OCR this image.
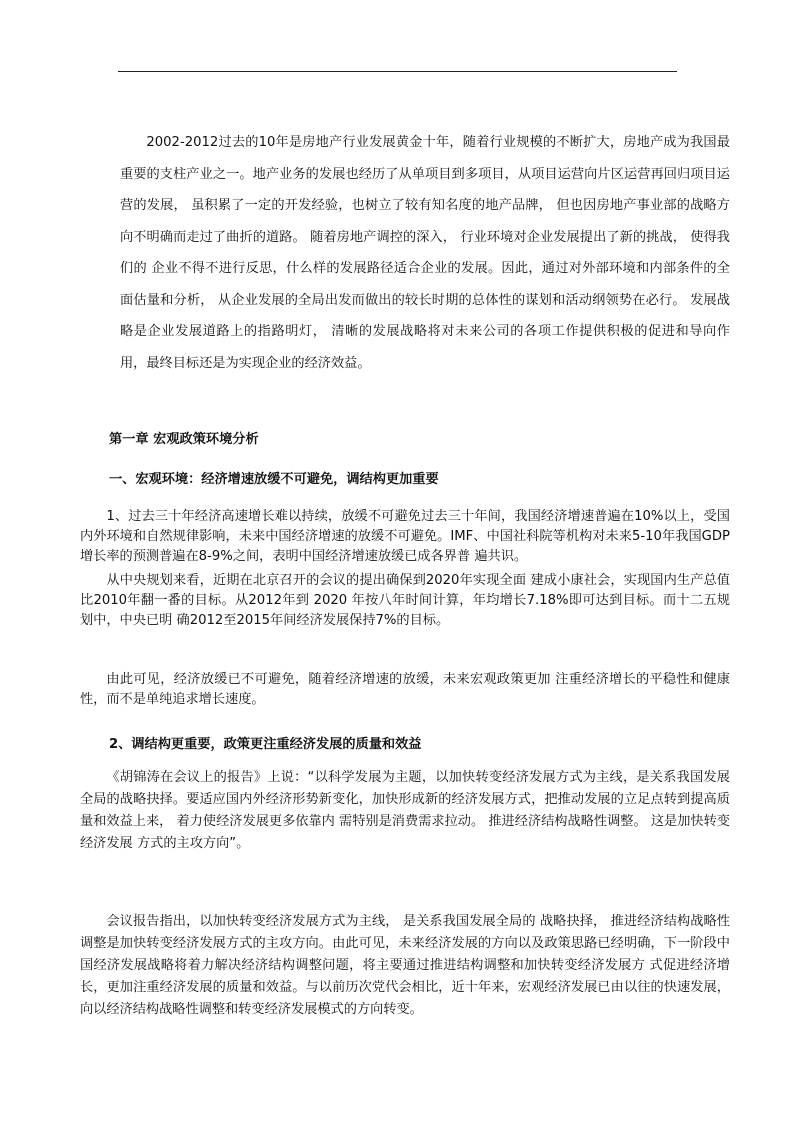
2002-2012过去的10年是房地产行业发展黄金十年，随着行业规模的不断扩大，房地产成为我国最重要的支柱产业之一。地产业务的发展也经历了从单项目到多项目，从项目运营向片区运营再回归项目运营的发展， 虽积累了一定的开发经验，也树立了较有知名度的地产品牌， 但也因房地产事业部的战略方向不明确而走过了曲折的道路。 随着房地产调控的深入， 行业环境对企业发展提出了新的挑战， 使得我们的 企业不得不进行反思，什么样的发展路径适合企业的发展。因此，通过对外部环境和内部条件的全面估量和分析， 从企业发展的全局出发而做出的较长时期的总体性的谋划和活动纲领势在必行。 发展战略是企业发展道路上的指路明灯， 清晰的发展战略将对未来公司的各项工作提供积极的促进和导向作用，最终目标还是为实现企业的经济效益。

第一章 宏观政策环境分析
一、宏观环境：经济增速放缓不可避免，调结构更加重要

1、过去三十年经济高速增长难以持续，放缓不可避免过去三十年间，我国经济增速普遍在10%以上，受国内外环境和自然规律影响，未来中国经济增速的放缓不可避免。IMF、中国社科院等机构对未来5-10年我国GDP增长率的预测普遍在8-9%之间，表明中国经济增速放缓已成各界普 遍共识。

从中央规划来看，近期在北京召开的会议的提出确保到2020年实现全面 建成小康社会，实现国内生产总值比2010年翻一番的目标。从2012年到 2020 年按八年时间计算，年均增长7.18%即可达到目标。而十二五规划中，中央已明 确2012至2015年间经济发展保持7%的目标。

由此可见，经济放缓已不可避免，随着经济增速的放缓，未来宏观政策更加 注重经济增长的平稳性和健康性，而不是单纯追求增长速度。

2、调结构更重要，政策更注重经济发展的质量和效益

《胡锦涛在会议上的报告》上说：“以科学发展为主题，以加快转变经济发展方式为主线，是关系我国发展全局的战略抉择。要适应国内外经济形势新变化，加快形成新的经济发展方式，把推动发展的立足点转到提高质量和效益上来， 着力使经济发展更多依靠内 需特别是消费需求拉动。 推进经济结构战略性调整。 这是加快转变经济发展 方式的主攻方向”。

会议报告指出，以加快转变经济发展方式为主线， 是关系我国发展全局的 战略抉择， 推进经济结构战略性调整是加快转变经济发展方式的主攻方向。由此可见，未来经济发展的方向以及政策思路已经明确，下一阶段中国经济发展战略将着力解决经济结构调整问题，将主要通过推进结构调整和加快转变经济发展方 式促进经济增长，更加注重经济发展的质量和效益。与以前历次党代会相比，近十年来，宏观经济发展已由以往的快速发展，向以经济结构战略性调整和转变经济发展模式的方向转变。
